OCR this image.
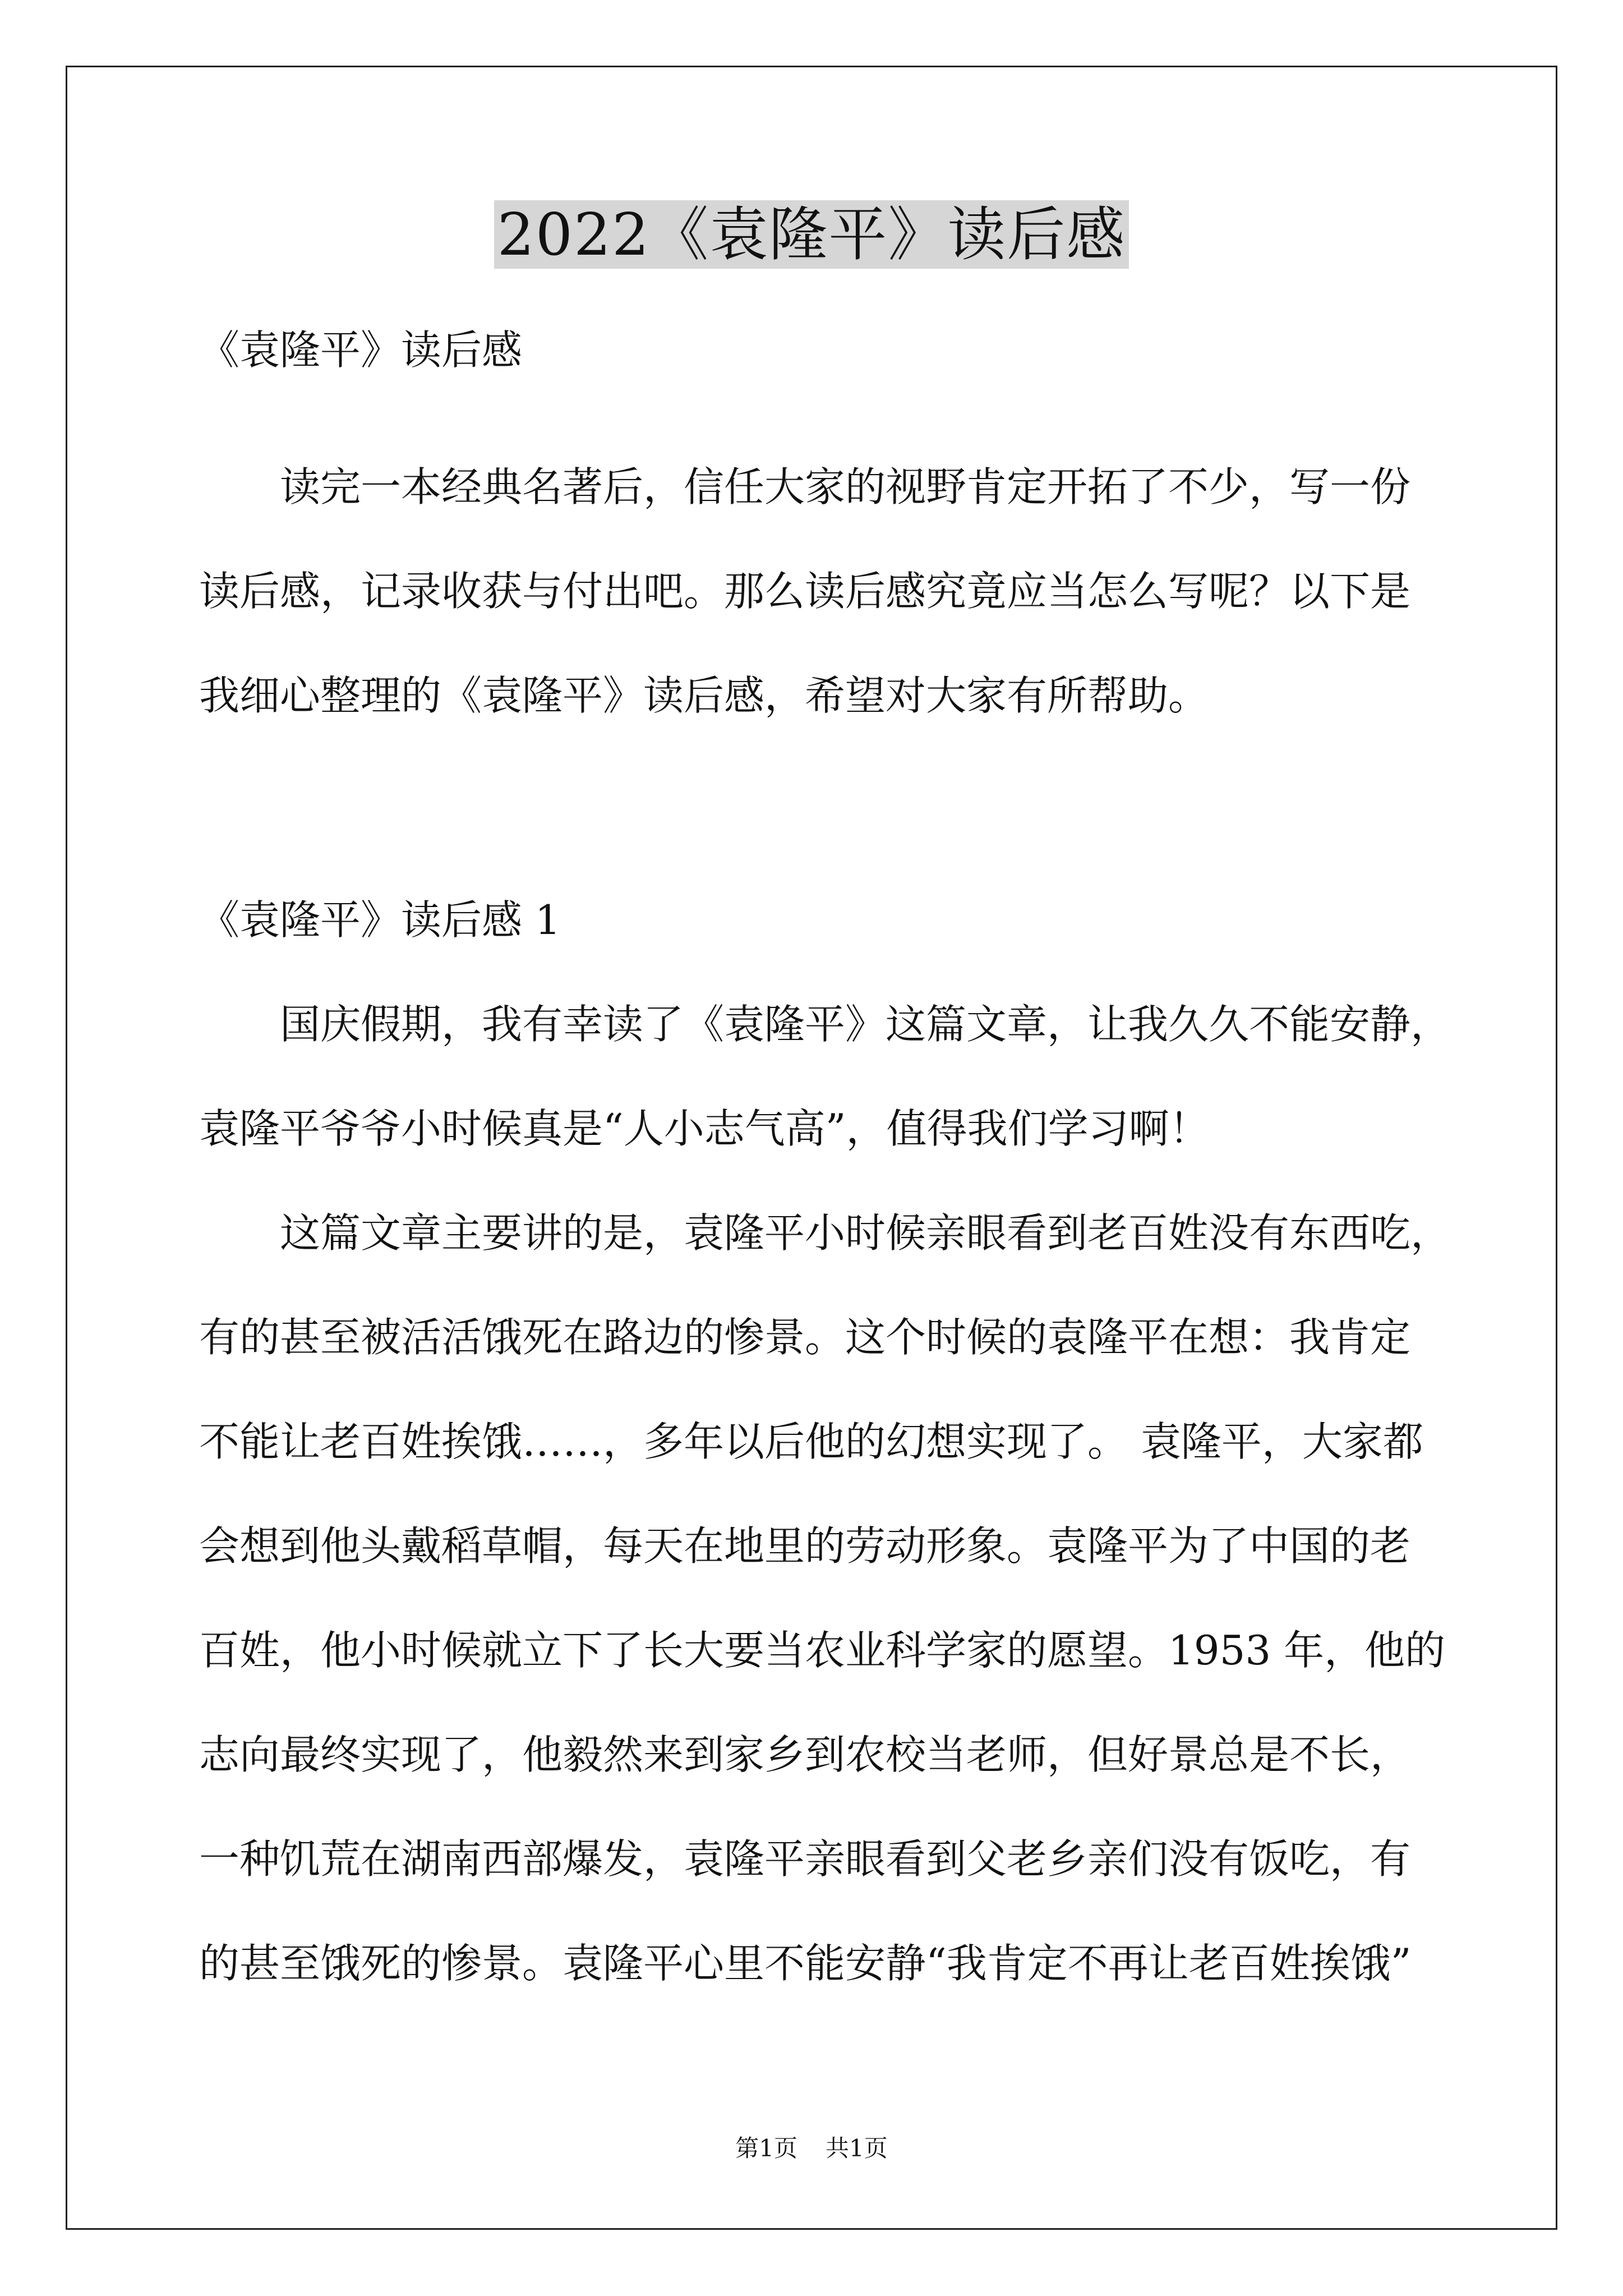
2022《袁隆平》读后感

《袁隆平》读后感

　　读完一本经典名著后，信任大家的视野肯定开拓了不少，写一份

读后感，记录收获与付出吧。那么读后感究竟应当怎么写呢？以下是

我细心整理的《袁隆平》读后感，希望对大家有所帮助。

《袁隆平》读后感 1

　　国庆假期，我有幸读了《袁隆平》这篇文章，让我久久不能安静，

袁隆平爷爷小时候真是“人小志气高”，值得我们学习啊！

　　这篇文章主要讲的是，袁隆平小时候亲眼看到老百姓没有东西吃，

有的甚至被活活饿死在路边的惨景。这个时候的袁隆平在想：我肯定

不能让老百姓挨饿……，多年以后他的幻想实现了。 袁隆平，大家都

会想到他头戴稻草帽，每天在地里的劳动形象。袁隆平为了中国的老

百姓，他小时候就立下了长大要当农业科学家的愿望。1953 年，他的

志向最终实现了，他毅然来到家乡到农校当老师，但好景总是不长，

一种饥荒在湖南西部爆发，袁隆平亲眼看到父老乡亲们没有饭吃，有

的甚至饿死的惨景。袁隆平心里不能安静“我肯定不再让老百姓挨饿”

第1页 共1页
